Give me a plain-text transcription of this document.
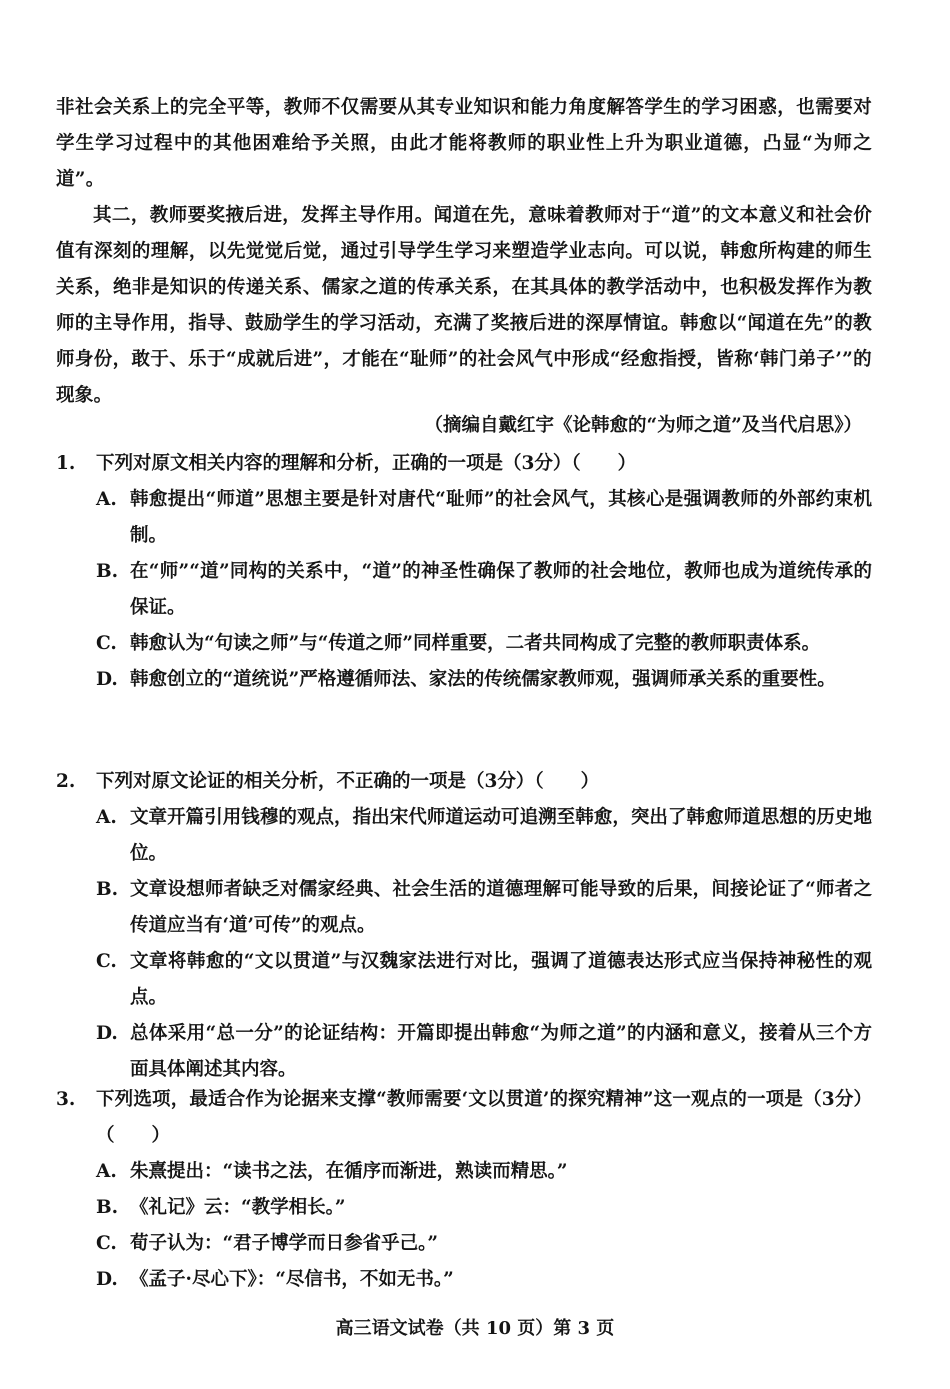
非社会关系上的完全平等，教师不仅需要从其专业知识和能力角度解答学生的学习困惑，也需要对学生学习过程中的其他困难给予关照，由此才能将教师的职业性上升为职业道德，凸显“为师之道”。
其二，教师要奖掖后进，发挥主导作用。闻道在先，意味着教师对于“道”的文本意义和社会价值有深刻的理解，以先觉觉后觉，通过引导学生学习来塑造学业志向。可以说，韩愈所构建的师生关系，绝非是知识的传递关系、儒家之道的传承关系，在其具体的教学活动中，也积极发挥作为教师的主导作用，指导、鼓励学生的学习活动，充满了奖掖后进的深厚情谊。韩愈以“闻道在先”的教师身份，敢于、乐于“成就后进”，才能在“耻师”的社会风气中形成“经愈指授，皆称‘韩门弟子’”的现象。
（摘编自戴红宇《论韩愈的“为师之道”及当代启思》）
1.	下列对原文相关内容的理解和分析，正确的一项是（3分）（　　）
A. 韩愈提出“师道”思想主要是针对唐代“耻师”的社会风气，其核心是强调教师的外部约束机制。
B. 在“师”“道”同构的关系中，“道”的神圣性确保了教师的社会地位，教师也成为道统传承的保证。
C. 韩愈认为“句读之师”与“传道之师”同样重要，二者共同构成了完整的教师职责体系。
D. 韩愈创立的“道统说”严格遵循师法、家法的传统儒家教师观，强调师承关系的重要性。
2.	下列对原文论证的相关分析，不正确的一项是（3分）（　　）
A. 文章开篇引用钱穆的观点，指出宋代师道运动可追溯至韩愈，突出了韩愈师道思想的历史地位。
B. 文章设想师者缺乏对儒家经典、社会生活的道德理解可能导致的后果，间接论证了“师者之传道应当有‘道’可传”的观点。
C. 文章将韩愈的“文以贯道”与汉魏家法进行对比，强调了道德表达形式应当保持神秘性的观点。
D. 总体采用“总一分”的论证结构：开篇即提出韩愈“为师之道”的内涵和意义，接着从三个方面具体阐述其内容。
3.	下列选项，最适合作为论据来支撑“教师需要‘文以贯道’的探究精神”这一观点的一项是（3分）（　　）
A. 朱熹提出：“读书之法，在循序而渐进，熟读而精思。”
B. 《礼记》云：“教学相长。”
C. 荀子认为：“君子博学而日参省乎己。”
D. 《孟子·尽心下》：“尽信书，不如无书。”
高三语文试卷（共 10 页）第 3 页
